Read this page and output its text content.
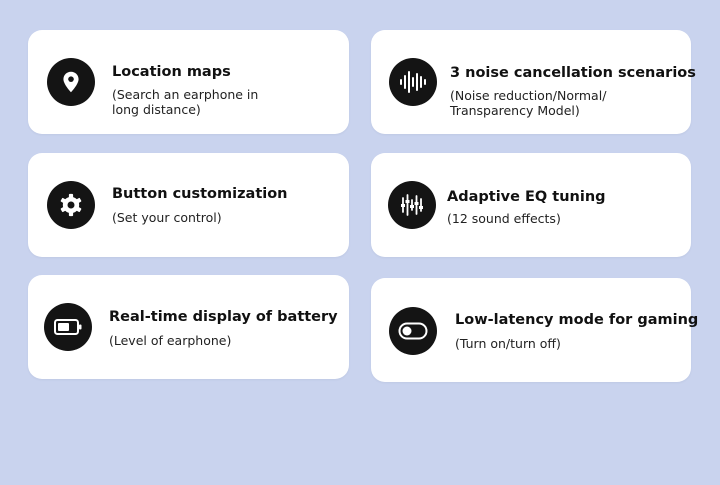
Location maps
(Search an earphone in
long distance)
3 noise cancellation scenarios
(Noise reduction/Normal/
Transparency Model)
Button customization
(Set your control)
Adaptive EQ tuning
(12 sound effects)
Real-time display of battery
(Level of earphone)
Low-latency mode for gaming
(Turn on/turn off)
